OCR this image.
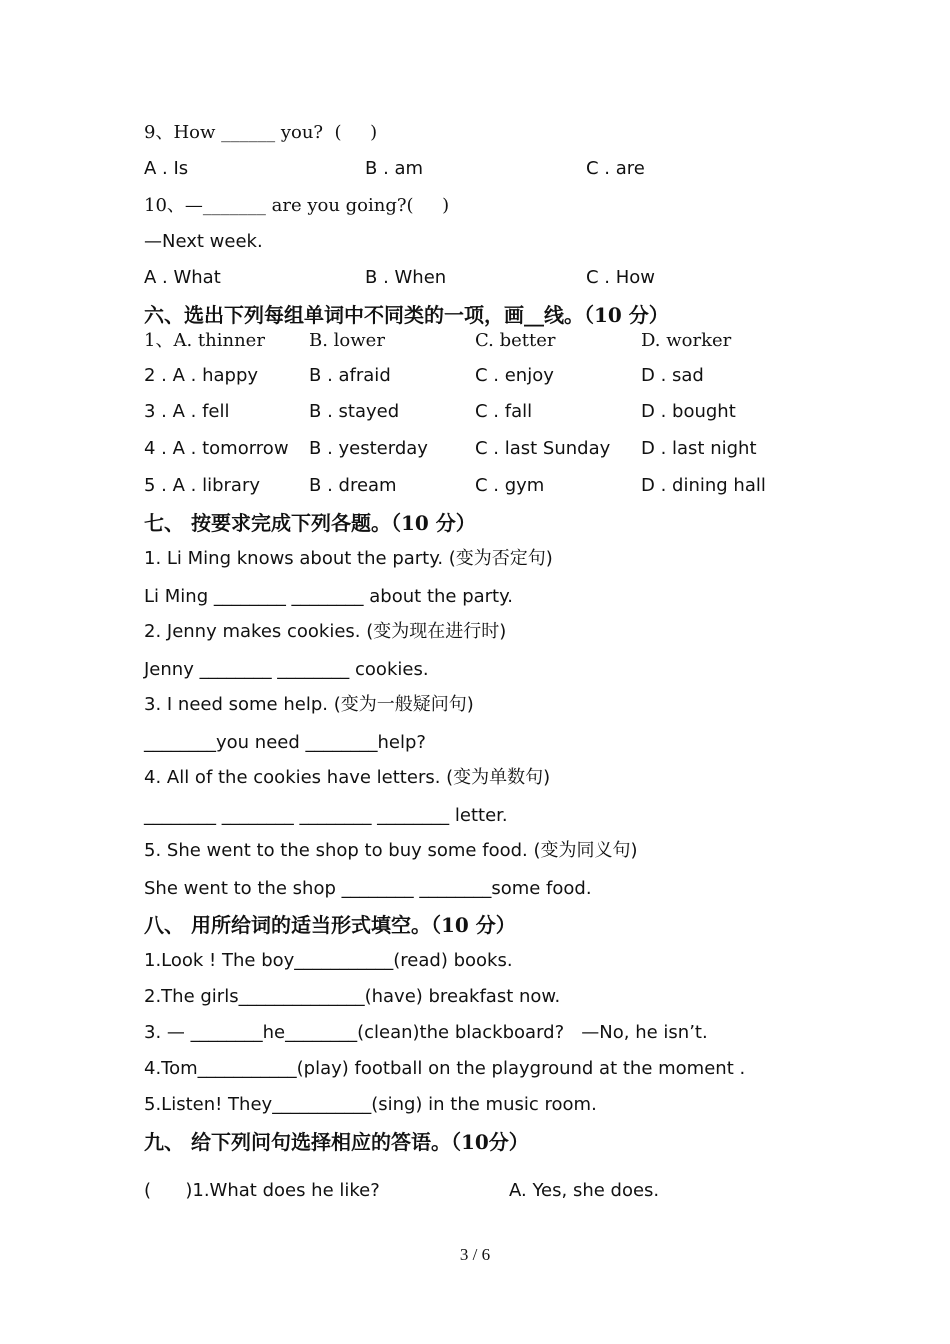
9、How ______ you?  (     )
A . Is	B . am	C . are
10、—_______ are you going?(     )
—Next week.
A . What	B . When	C . How
六、选出下列每组单词中不同类的一项，画__线。（10 分）
1、A. thinner B. lower	C. better	D. worker
2 . A . happy	B . afraid	C . enjoy	D . sad
3 . A . fell	B . stayed	C . fall	D . bought
4 . A . tomorrow B . yesterday	C . last Sunday D . last night
5 . A . library	B . dream	C . gym	D . dining hall
七、 按要求完成下列各题。（10 分）
1. Li Ming knows about the party. (变为否定句)
Li Ming ________ ________ about the party.
2. Jenny makes cookies. (变为现在进行时)
Jenny ________ ________ cookies.
3. I need some help. (变为一般疑问句)
________you need ________help?
4. All of the cookies have letters. (变为单数句)
________ ________ ________ ________ letter.
5. She went to the shop to buy some food. (变为同义句)
She went to the shop ________ ________some food.
八、 用所给词的适当形式填空。（10 分）
1.Look ! The boy___________(read) books.
2.The girls______________(have) breakfast now.
3. — ________he________(clean)the blackboard?   —No, he isn’t.
4.Tom___________(play) football on the playground at the moment .
5.Listen! They___________(sing) in the music room.
九、 给下列问句选择相应的答语。（10分）
(      )1.What does he like?	A. Yes, she does.
3 / 6
